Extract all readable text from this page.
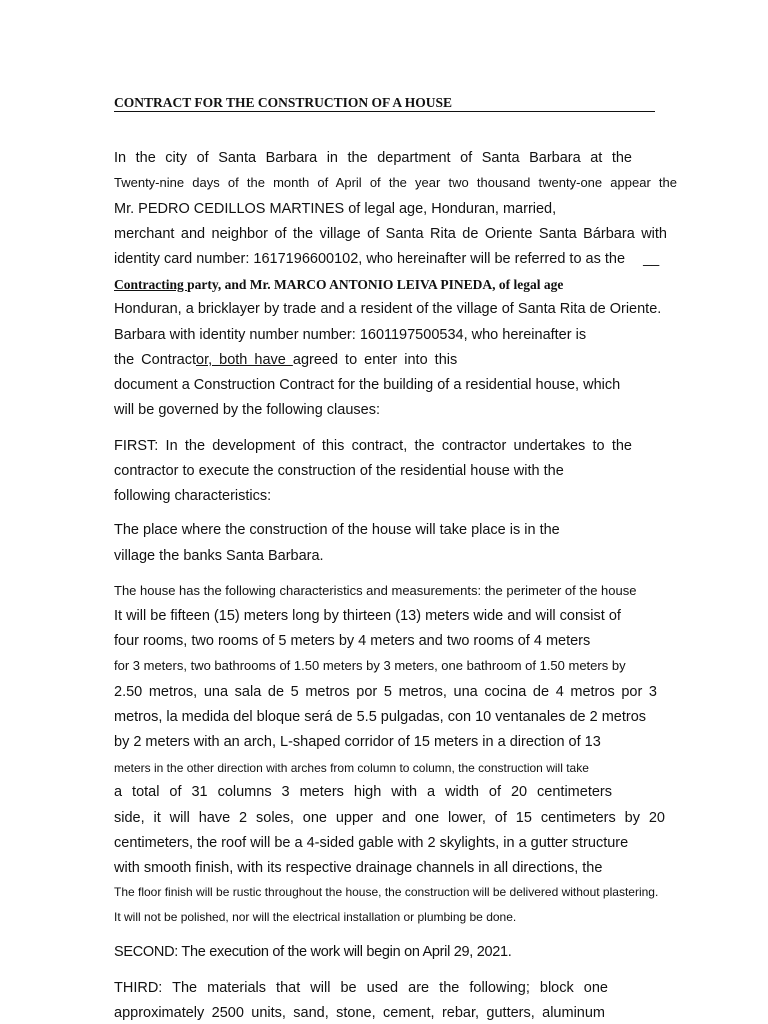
CONTRACT FOR THE CONSTRUCTION OF A HOUSE
In the city of Santa Barbara in the department of Santa Barbara at the
Twenty-nine days of the month of April of the year two thousand twenty-one appear the
Mr. PEDRO CEDILLOS MARTINES of legal age, Honduran, married,
merchant and neighbor of the village of Santa Rita de Oriente Santa Bárbara with
identity card number: 1617196600102, who hereinafter will be referred to as the __
Contracting party, and Mr. MARCO ANTONIO LEIVA PINEDA, of legal age
Honduran, a bricklayer by trade and a resident of the village of Santa Rita de Oriente.
Barbara with identity number number: 1601197500534, who hereinafter is
the Contractor, both have agreed to enter into this
document a Construction Contract for the building of a residential house, which
will be governed by the following clauses:
FIRST: In the development of this contract, the contractor undertakes to the
contractor to execute the construction of the residential house with the
following characteristics:
The place where the construction of the house will take place is in the
village the banks Santa Barbara.
The house has the following characteristics and measurements: the perimeter of the house
It will be fifteen (15) meters long by thirteen (13) meters wide and will consist of
four rooms, two rooms of 5 meters by 4 meters and two rooms of 4 meters
for 3 meters, two bathrooms of 1.50 meters by 3 meters, one bathroom of 1.50 meters by
2.50 metros, una sala de 5 metros por 5 metros, una cocina de 4 metros por 3
metros, la medida del bloque será de 5.5 pulgadas, con 10 ventanales de 2 metros
by 2 meters with an arch, L-shaped corridor of 15 meters in a direction of 13
meters in the other direction with arches from column to column, the construction will take
a total of 31 columns 3 meters high with a width of 20 centimeters
side, it will have 2 soles, one upper and one lower, of 15 centimeters by 20
centimeters, the roof will be a 4-sided gable with 2 skylights, in a gutter structure
with smooth finish, with its respective drainage channels in all directions, the
The floor finish will be rustic throughout the house, the construction will be delivered without plastering.
It will not be polished, nor will the electrical installation or plumbing be done.
SECOND: The execution of the work will begin on April 29, 2021.
THIRD: The materials that will be used are the following; block one
approximately 2500 units, sand, stone, cement, rebar, gutters, aluminum
